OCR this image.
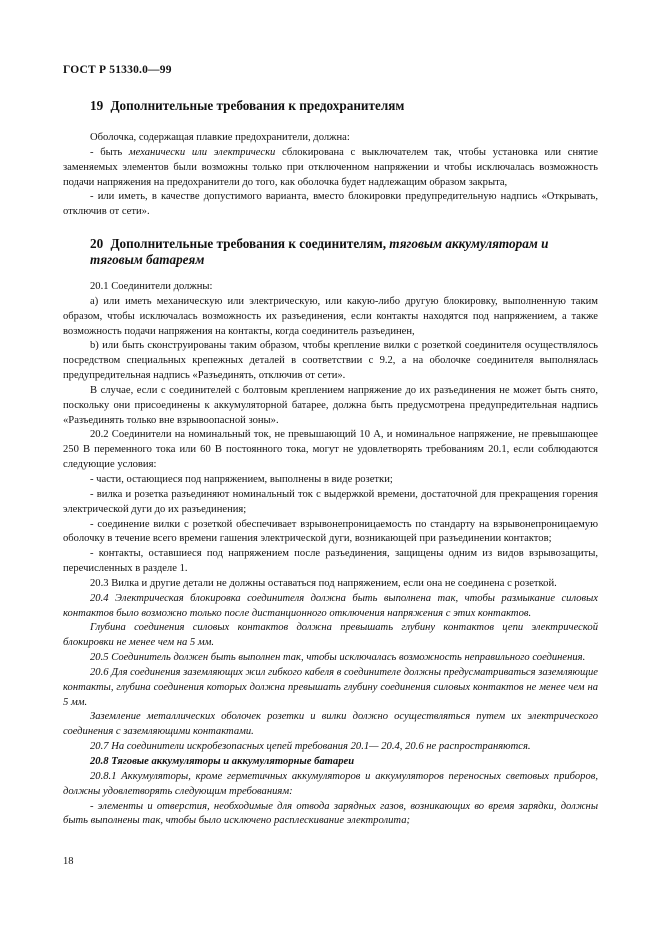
ГОСТ Р 51330.0—99
19 Дополнительные требования к предохранителям

Оболочка, содержащая плавкие предохранители, должна:

- быть механически или электрически сблокирована с выключателем так, чтобы установка или снятие заменяемых элементов были возможны только при отключенном напряжении и чтобы исключалась возможность подачи напряжения на предохранители до того, как оболочка будет надлежащим образом закрыта,

- или иметь, в качестве допустимого варианта, вместо блокировки предупредительную надпись «Открывать, отключив от сети».

20 Дополнительные требования к соединителям, тяговым аккумуляторам и тяговым батареям

20.1 Соединители должны:

а) или иметь механическую или электрическую, или какую-либо другую блокировку, выполненную таким образом, чтобы исключалась возможность их разъединения, если контакты находятся под напряжением, а также возможность подачи напряжения на контакты, когда соединитель разъединен,

b) или быть сконструированы таким образом, чтобы крепление вилки с розеткой соединителя осуществлялось посредством специальных крепежных деталей в соответствии с 9.2, а на оболочке соединителя выполнялась предупредительная надпись «Разъединять, отключив от сети».

В случае, если с соединителей с болтовым креплением напряжение до их разъединения не может быть снято, поскольку они присоединены к аккумуляторной батарее, должна быть предусмотрена предупредительная надпись «Разъединять только вне взрывоопасной зоны».

20.2 Соединители на номинальный ток, не превышающий 10 А, и номинальное напряжение, не превышающее 250 В переменного тока или 60 В постоянного тока, могут не удовлетворять требованиям 20.1, если соблюдаются следующие условия:

- части, остающиеся под напряжением, выполнены в виде розетки;

- вилка и розетка разъединяют номинальный ток с выдержкой времени, достаточной для прекращения горения электрической дуги до их разъединения;

- соединение вилки с розеткой обеспечивает взрывонепроницаемость по стандарту на взрывонепроницаемую оболочку в течение всего времени гашения электрической дуги, возникающей при разъединении контактов;

- контакты, оставшиеся под напряжением после разъединения, защищены одним из видов взрывозащиты, перечисленных в разделе 1.

20.3 Вилка и другие детали не должны оставаться под напряжением, если она не соединена с розеткой.

20.4 Электрическая блокировка соединителя должна быть выполнена так, чтобы размыкание силовых контактов было возможно только после дистанционного отключения напряжения с этих контактов.

Глубина соединения силовых контактов должна превышать глубину контактов цепи электрической блокировки не менее чем на 5 мм.

20.5 Соединитель должен быть выполнен так, чтобы исключалась возможность неправильного соединения.

20.6 Для соединения заземляющих жил гибкого кабеля в соединителе должны предусматриваться заземляющие контакты, глубина соединения которых должна превышать глубину соединения силовых контактов не менее чем на 5 мм.

Заземление металлических оболочек розетки и вилки должно осуществляться путем их электрического соединения с заземляющими контактами.

20.7 На соединители искробезопасных цепей требования 20.1— 20.4, 20.6 не распространяются.

20.8 Тяговые аккумуляторы и аккумуляторные батареи

20.8.1 Аккумуляторы, кроме герметичных аккумуляторов и аккумуляторов переносных световых приборов, должны удовлетворять следующим требованиям:

- элементы и отверстия, необходимые для отвода зарядных газов, возникающих во время зарядки, должны быть выполнены так, чтобы было исключено расплескивание электролита;

18
